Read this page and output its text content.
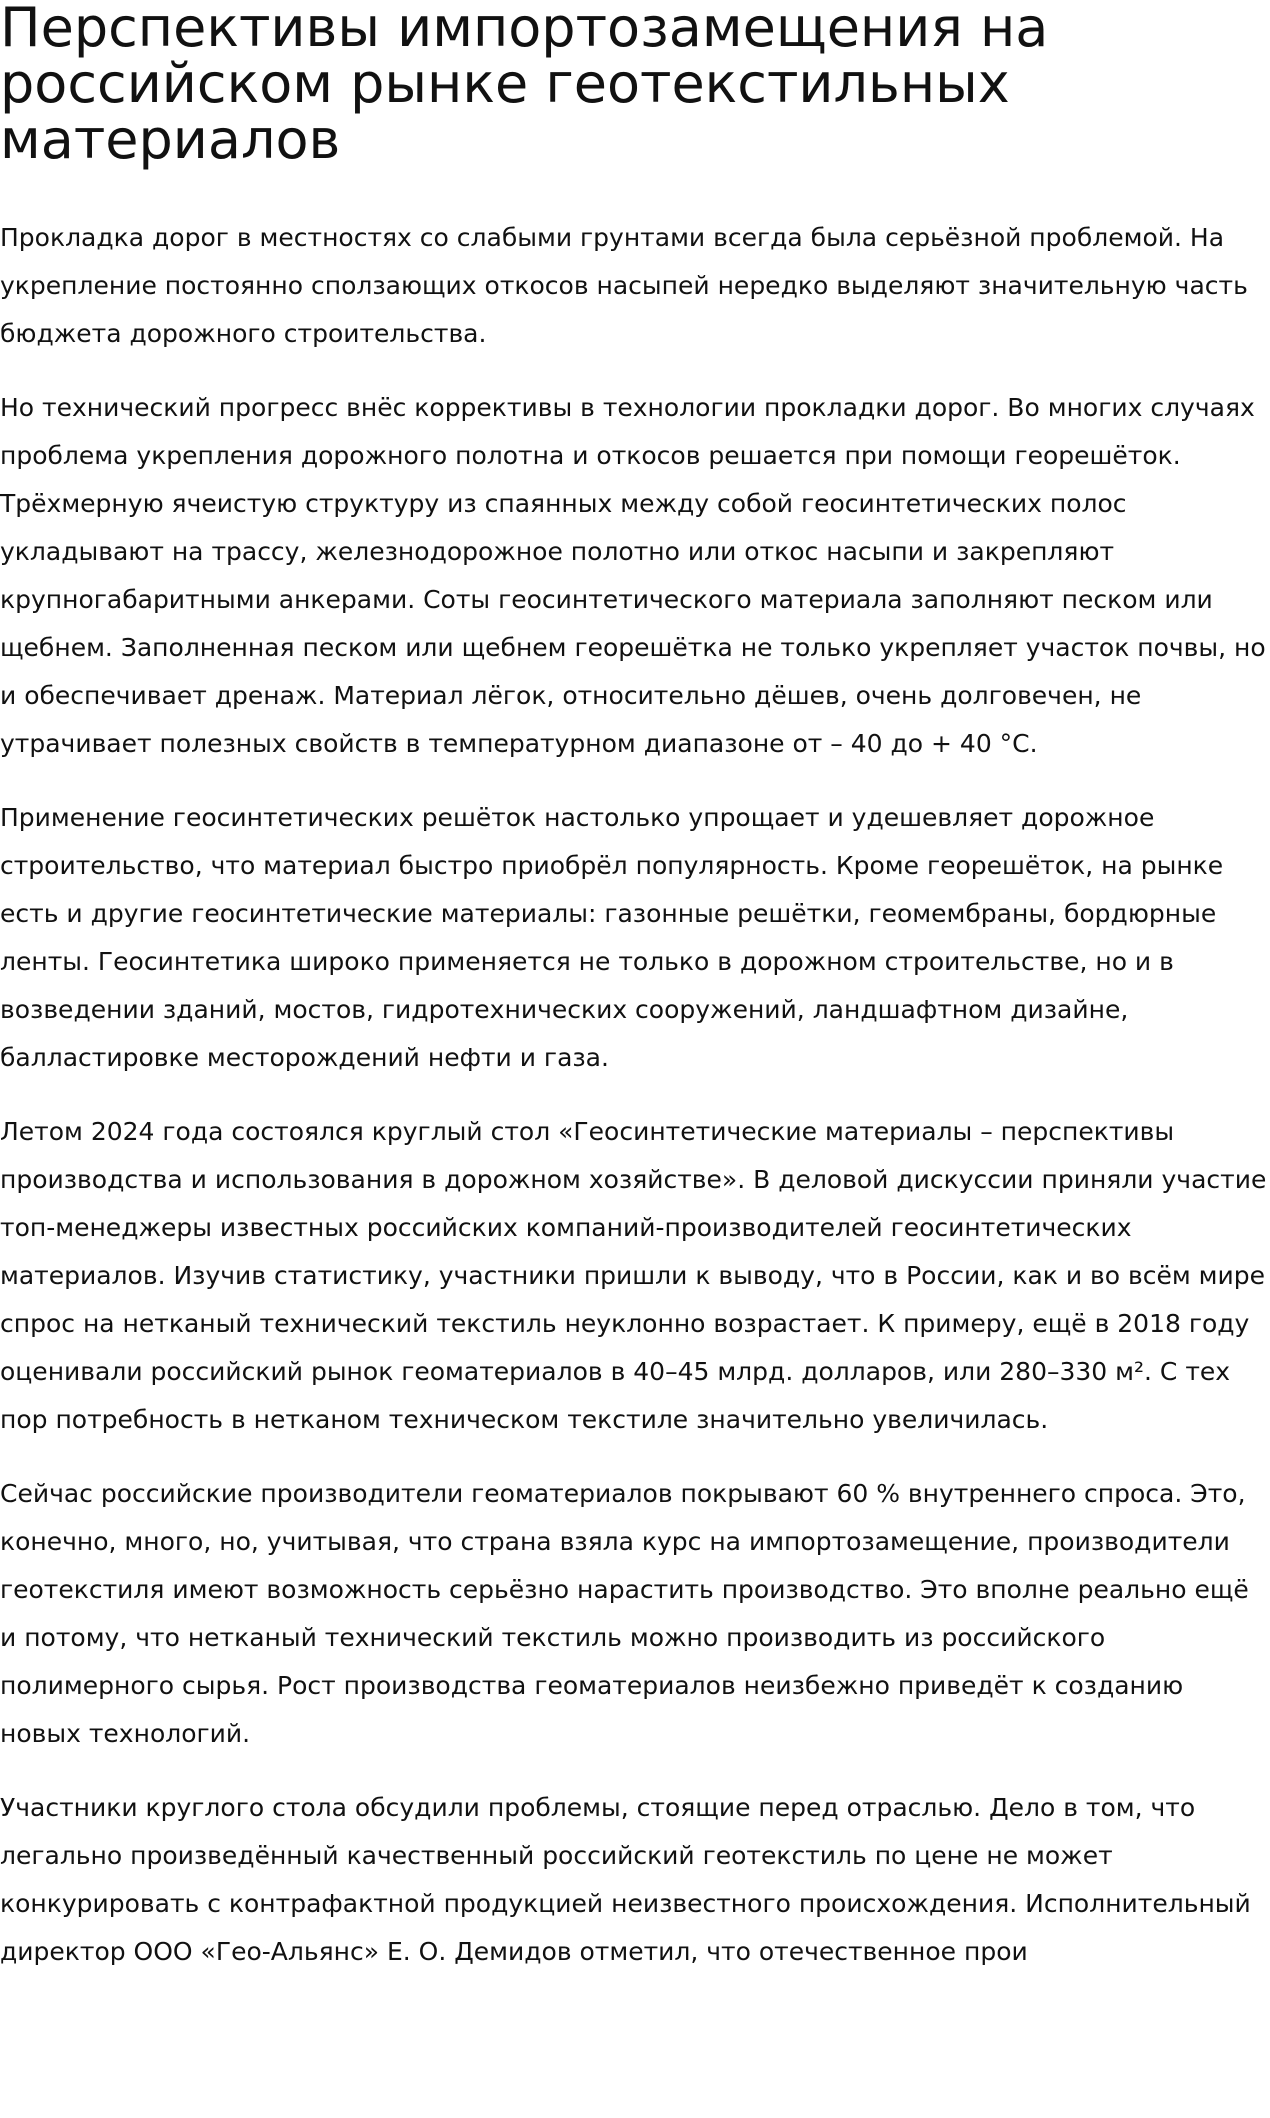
Перспективы импортозамещения на российском рынке геотекстильных материалов

Прокладка дорог в местностях со слабыми грунтами всегда была серьёзной проблемой. На укрепление постоянно сползающих откосов насыпей нередко выделяют значительную часть бюджета дорожного строительства.

Но технический прогресс внёс коррективы в технологии прокладки дорог. Во многих случаях проблема укрепления дорожного полотна и откосов решается при помощи георешёток. Трёхмерную ячеистую структуру из спаянных между собой геосинтетических полос укладывают на трассу, железнодорожное полотно или откос насыпи и закрепляют крупногабаритными анкерами. Соты геосинтетического материала заполняют песком или щебнем. Заполненная песком или щебнем георешётка не только укрепляет участок почвы, но и обеспечивает дренаж. Материал лёгок, относительно дёшев, очень долговечен, не утрачивает полезных свойств в температурном диапазоне от – 40 до + 40 °C.

Применение геосинтетических решёток настолько упрощает и удешевляет дорожное строительство, что материал быстро приобрёл популярность. Кроме георешёток, на рынке есть и другие геосинтетические материалы: газонные решётки, геомембраны, бордюрные ленты. Геосинтетика широко применяется не только в дорожном строительстве, но и в возведении зданий, мостов, гидротехнических сооружений, ландшафтном дизайне, балластировке месторождений нефти и газа.

Летом 2024 года состоялся круглый стол «Геосинтетические материалы – перспективы производства и использования в дорожном хозяйстве». В деловой дискуссии приняли участие топ-менеджеры известных российских компаний-производителей геосинтетических материалов. Изучив статистику, участники пришли к выводу, что в России, как и во всём мире спрос на нетканый технический текстиль неуклонно возрастает. К примеру, ещё в 2018 году оценивали российский рынок геоматериалов в 40–45 млрд. долларов, или 280–330 м². С тех пор потребность в нетканом техническом текстиле значительно увеличилась.

Сейчас российские производители геоматериалов покрывают 60 % внутреннего спроса. Это, конечно, много, но, учитывая, что страна взяла курс на импортозамещение, производители геотекстиля имеют возможность серьёзно нарастить производство. Это вполне реально ещё и потому, что нетканый технический текстиль можно производить из российского полимерного сырья. Рост производства геоматериалов неизбежно приведёт к созданию новых технологий.

Участники круглого стола обсудили проблемы, стоящие перед отраслью. Дело в том, что легально произведённый качественный российский геотекстиль по цене не может конкурировать с контрафактной продукцией неизвестного происхождения. Исполнительный директор ООО «Гео-Альянс» Е. О. Демидов отметил, что отечественное прои
